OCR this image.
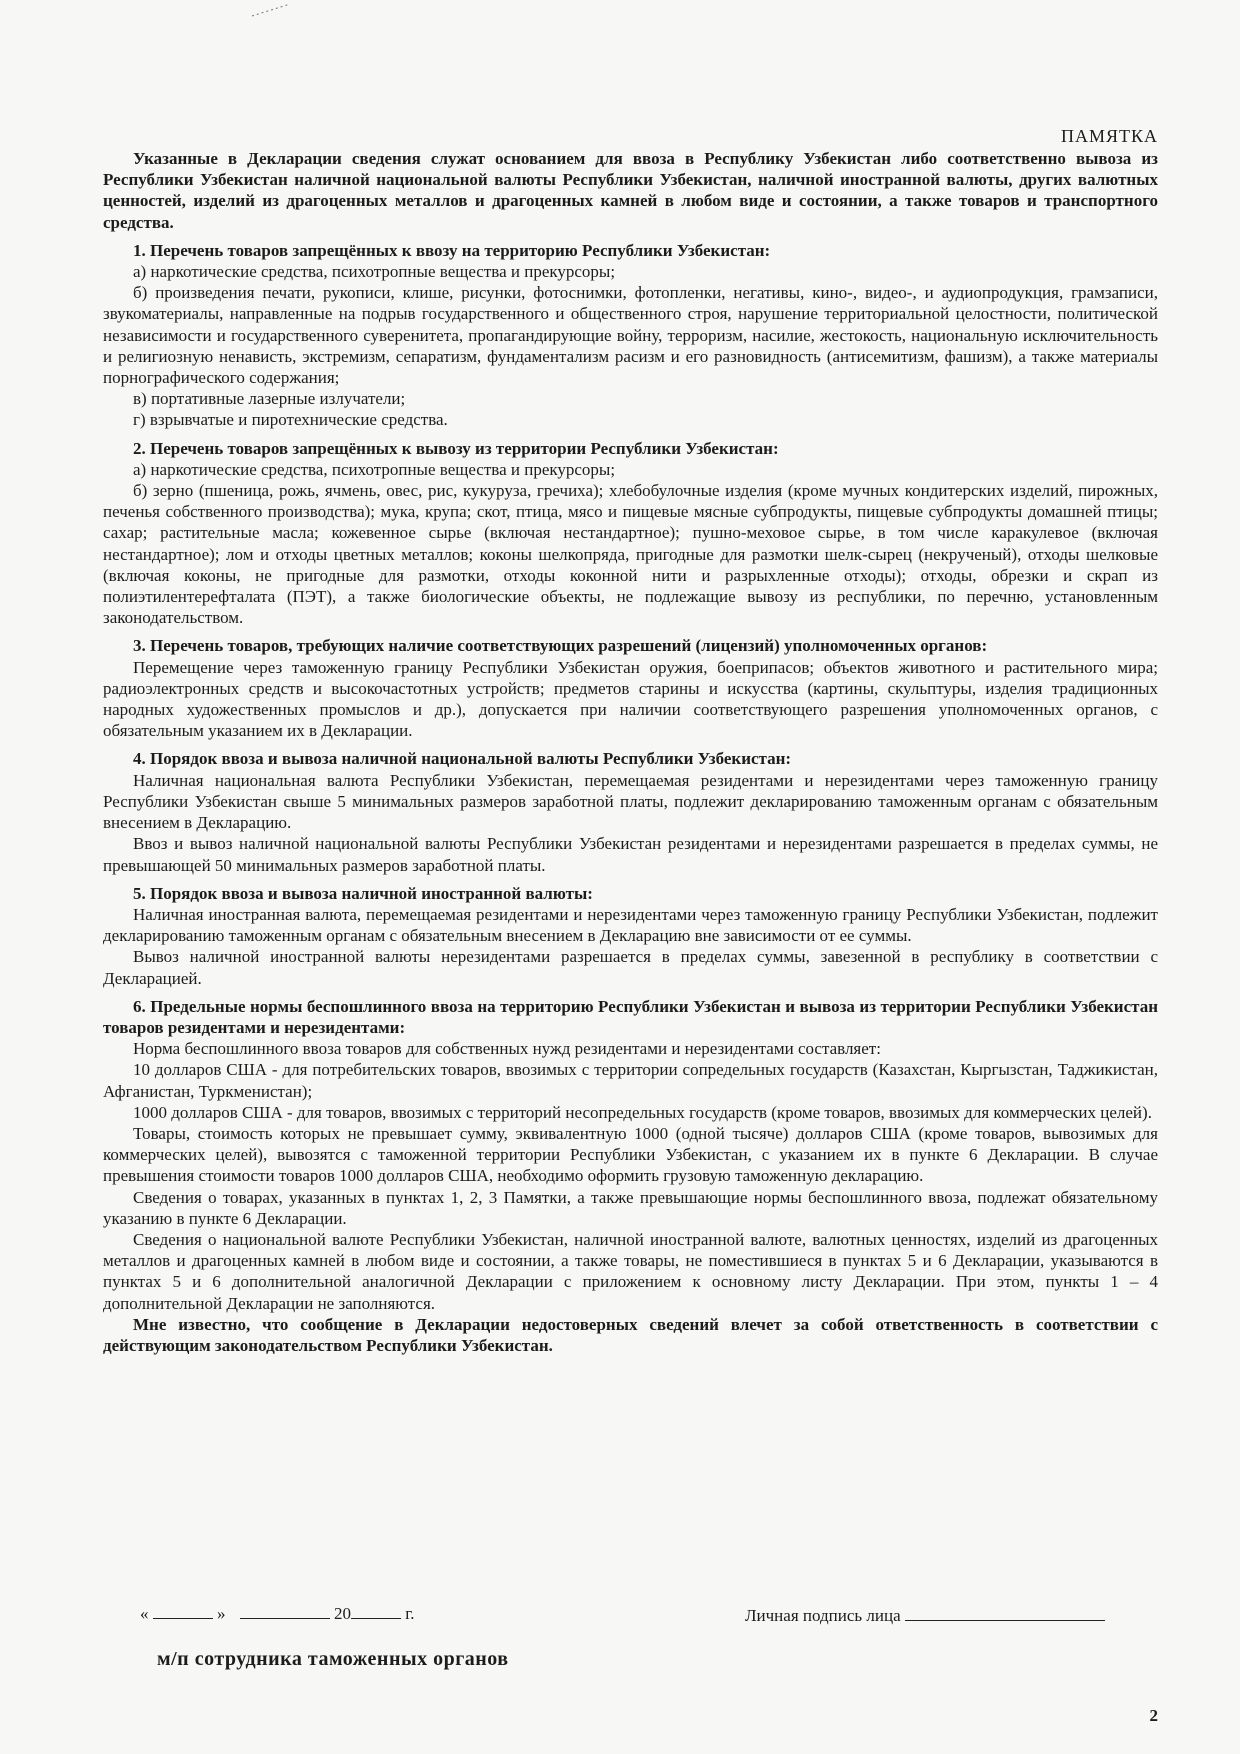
ПАМЯТКА

Указанные в Декларации сведения служат основанием для ввоза в Республику Узбекистан либо соответственно вывоза из Республики Узбекистан наличной национальной валюты Республики Узбекистан, наличной иностранной валюты, других валютных ценностей, изделий из драгоценных металлов и драгоценных камней в любом виде и состоянии, а также товаров и транспортного средства.

1. Перечень товаров запрещённых к ввозу на территорию Республики Узбекистан:

а) наркотические средства, психотропные вещества и прекурсоры;

б) произведения печати, рукописи, клише, рисунки, фотоснимки, фотопленки, негативы, кино-, видео-, и аудиопродукция, грамзаписи, звукоматериалы, направленные на подрыв государственного и общественного строя, нарушение территориальной целостности, политической независимости и государственного суверенитета, пропагандирующие войну, терроризм, насилие, жестокость, национальную исключительность и религиозную ненависть, экстремизм, сепаратизм, фундаментализм расизм и его разновидность (антисемитизм, фашизм), а также материалы порнографического содержания;

в) портативные лазерные излучатели;

г) взрывчатые и пиротехнические средства.

2. Перечень товаров запрещённых к вывозу из территории Республики Узбекистан:

а) наркотические средства, психотропные вещества и прекурсоры;

б) зерно (пшеница, рожь, ячмень, овес, рис, кукуруза, гречиха); хлебобулочные изделия (кроме мучных кондитерских изделий, пирожных, печенья собственного производства); мука, крупа; скот, птица, мясо и пищевые мясные субпродукты, пищевые субпродукты домашней птицы; сахар; растительные масла; кожевенное сырье (включая нестандартное); пушно-меховое сырье, в том числе каракулевое (включая нестандартное); лом и отходы цветных металлов; коконы шелкопряда, пригодные для размотки шелк-сырец (некрученый), отходы шелковые (включая коконы, не пригодные для размотки, отходы коконной нити и разрыхленные отходы); отходы, обрезки и скрап из полиэтилентерефталата (ПЭТ), а также биологические объекты, не подлежащие вывозу из республики, по перечню, установленным законодательством.

3. Перечень товаров, требующих наличие соответствующих разрешений (лицензий) уполномоченных органов:

Перемещение через таможенную границу Республики Узбекистан оружия, боеприпасов; объектов животного и растительного мира; радиоэлектронных средств и высокочастотных устройств; предметов старины и искусства (картины, скульптуры, изделия традиционных народных художественных промыслов и др.), допускается при наличии соответствующего разрешения уполномоченных органов, с обязательным указанием их в Декларации.

4. Порядок ввоза и вывоза наличной национальной валюты Республики Узбекистан:

Наличная национальная валюта Республики Узбекистан, перемещаемая резидентами и нерезидентами через таможенную границу Республики Узбекистан свыше 5 минимальных размеров заработной платы, подлежит декларированию таможенным органам с обязательным внесением в Декларацию.

Ввоз и вывоз наличной национальной валюты Республики Узбекистан резидентами и нерезидентами разрешается в пределах суммы, не превышающей 50 минимальных размеров заработной платы.

5. Порядок ввоза и вывоза наличной иностранной валюты:

Наличная иностранная валюта, перемещаемая резидентами и нерезидентами через таможенную границу Республики Узбекистан, подлежит декларированию таможенным органам с обязательным внесением в Декларацию вне зависимости от ее суммы.

Вывоз наличной иностранной валюты нерезидентами разрешается в пределах суммы, завезенной в республику в соответствии с Декларацией.

6. Предельные нормы беспошлинного ввоза на территорию Республики Узбекистан и вывоза из территории Республики Узбекистан товаров резидентами и нерезидентами:

Норма беспошлинного ввоза товаров для собственных нужд резидентами и нерезидентами составляет:

10 долларов США - для потребительских товаров, ввозимых с территории сопредельных государств (Казахстан, Кыргызстан, Таджикистан, Афганистан, Туркменистан);

1000 долларов США - для товаров, ввозимых с территорий несопредельных государств (кроме товаров, ввозимых для коммерческих целей).

Товары, стоимость которых не превышает сумму, эквивалентную 1000 (одной тысяче) долларов США (кроме товаров, вывозимых для коммерческих целей), вывозятся с таможенной территории Республики Узбекистан, с указанием их в пункте 6 Декларации. В случае превышения стоимости товаров 1000 долларов США, необходимо оформить грузовую таможенную декларацию.

Сведения о товарах, указанных в пунктах 1, 2, 3 Памятки, а также превышающие нормы беспошлинного ввоза, подлежат обязательному указанию в пункте 6 Декларации.

Сведения о национальной валюте Республики Узбекистан, наличной иностранной валюте, валютных ценностях, изделий из драгоценных металлов и драгоценных камней в любом виде и состоянии, а также товары, не поместившиеся в пунктах 5 и 6 Декларации, указываются в пунктах 5 и 6 дополнительной аналогичной Декларации с приложением к основному листу Декларации. При этом, пункты 1 – 4 дополнительной Декларации не заполняются.

Мне известно, что сообщение в Декларации недостоверных сведений влечет за собой ответственность в соответствии с действующим законодательством Республики Узбекистан.

«	»	20	г.	Личная подпись лица
м/п сотрудника таможенных органов
2
